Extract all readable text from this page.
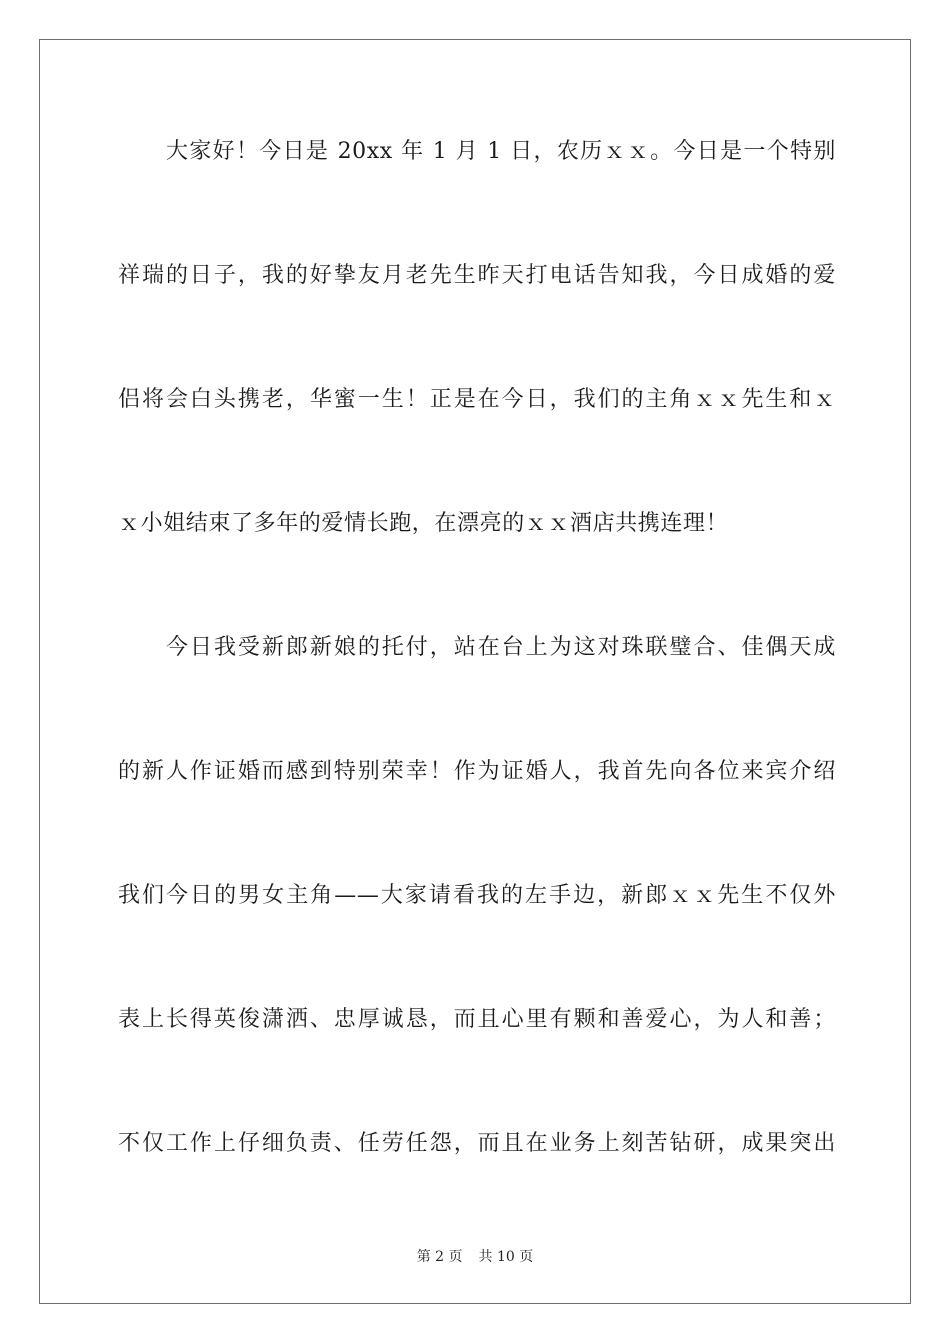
大家好！今日是 20xx 年 1 月 1 日，农历ｘｘ。今日是一个特别
祥瑞的日子，我的好挚友月老先生昨天打电话告知我，今日成婚的爱
侣将会白头携老，华蜜一生！正是在今日，我们的主角ｘｘ先生和ｘ
ｘ小姐结束了多年的爱情长跑，在漂亮的ｘｘ酒店共携连理！
今日我受新郎新娘的托付，站在台上为这对珠联璧合、佳偶天成
的新人作证婚而感到特别荣幸！作为证婚人，我首先向各位来宾介绍
我们今日的男女主角——大家请看我的左手边，新郎ｘｘ先生不仅外
表上长得英俊潇洒、忠厚诚恳，而且心里有颗和善爱心，为人和善；
不仅工作上仔细负责、任劳任怨，而且在业务上刻苦钻研，成果突出
第 2 页 共 10 页
